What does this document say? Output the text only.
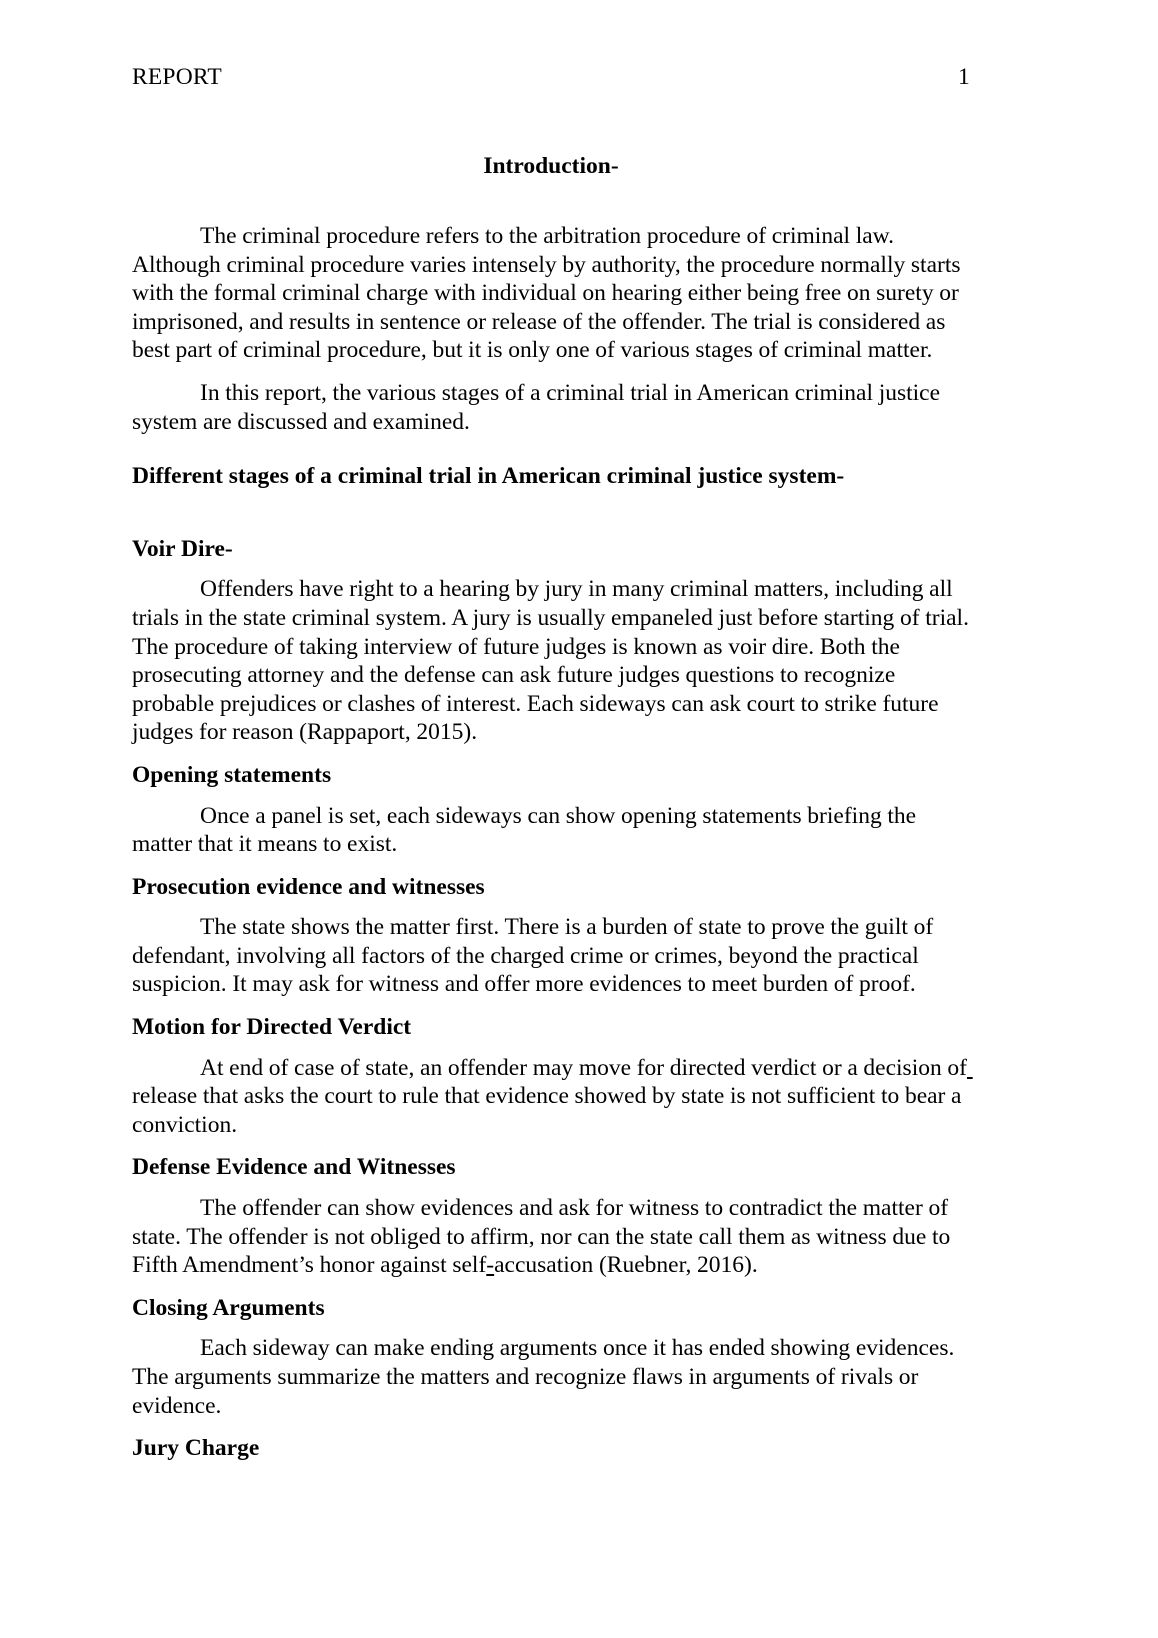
REPORT	1
Introduction-

The criminal procedure refers to the arbitration procedure of criminal law. Although criminal procedure varies intensely by authority, the procedure normally starts with the formal criminal charge with individual on hearing either being free on surety or imprisoned, and results in sentence or release of the offender. The trial is considered as best part of criminal procedure, but it is only one of various stages of criminal matter.

In this report, the various stages of a criminal trial in American criminal justice system are discussed and examined.

Different stages of a criminal trial in American criminal justice system-
Voir Dire-

Offenders have right to a hearing by jury in many criminal matters, including all trials in the state criminal system. A jury is usually empaneled just before starting of trial. The procedure of taking interview of future judges is known as voir dire. Both the prosecuting attorney and the defense can ask future judges questions to recognize probable prejudices or clashes of interest. Each sideways can ask court to strike future judges for reason (Rappaport, 2015).

Opening statements

Once a panel is set, each sideways can show opening statements briefing the matter that it means to exist.

Prosecution evidence and witnesses

The state shows the matter first. There is a burden of state to prove the guilt of defendant, involving all factors of the charged crime or crimes, beyond the practical suspicion. It may ask for witness and offer more evidences to meet burden of proof.

Motion for Directed Verdict

At end of case of state, an offender may move for directed verdict or a decision of  release that asks the court to rule that evidence showed by state is not sufficient to bear a conviction.

Defense Evidence and Witnesses

The offender can show evidences and ask for witness to contradict the matter of state. The offender is not obliged to affirm, nor can the state call them as witness due to Fifth Amendment’s honor against self-accusation (Ruebner, 2016).

Closing Arguments

Each sideway can make ending arguments once it has ended showing evidences. The arguments summarize the matters and recognize flaws in arguments of rivals or evidence.

Jury Charge
